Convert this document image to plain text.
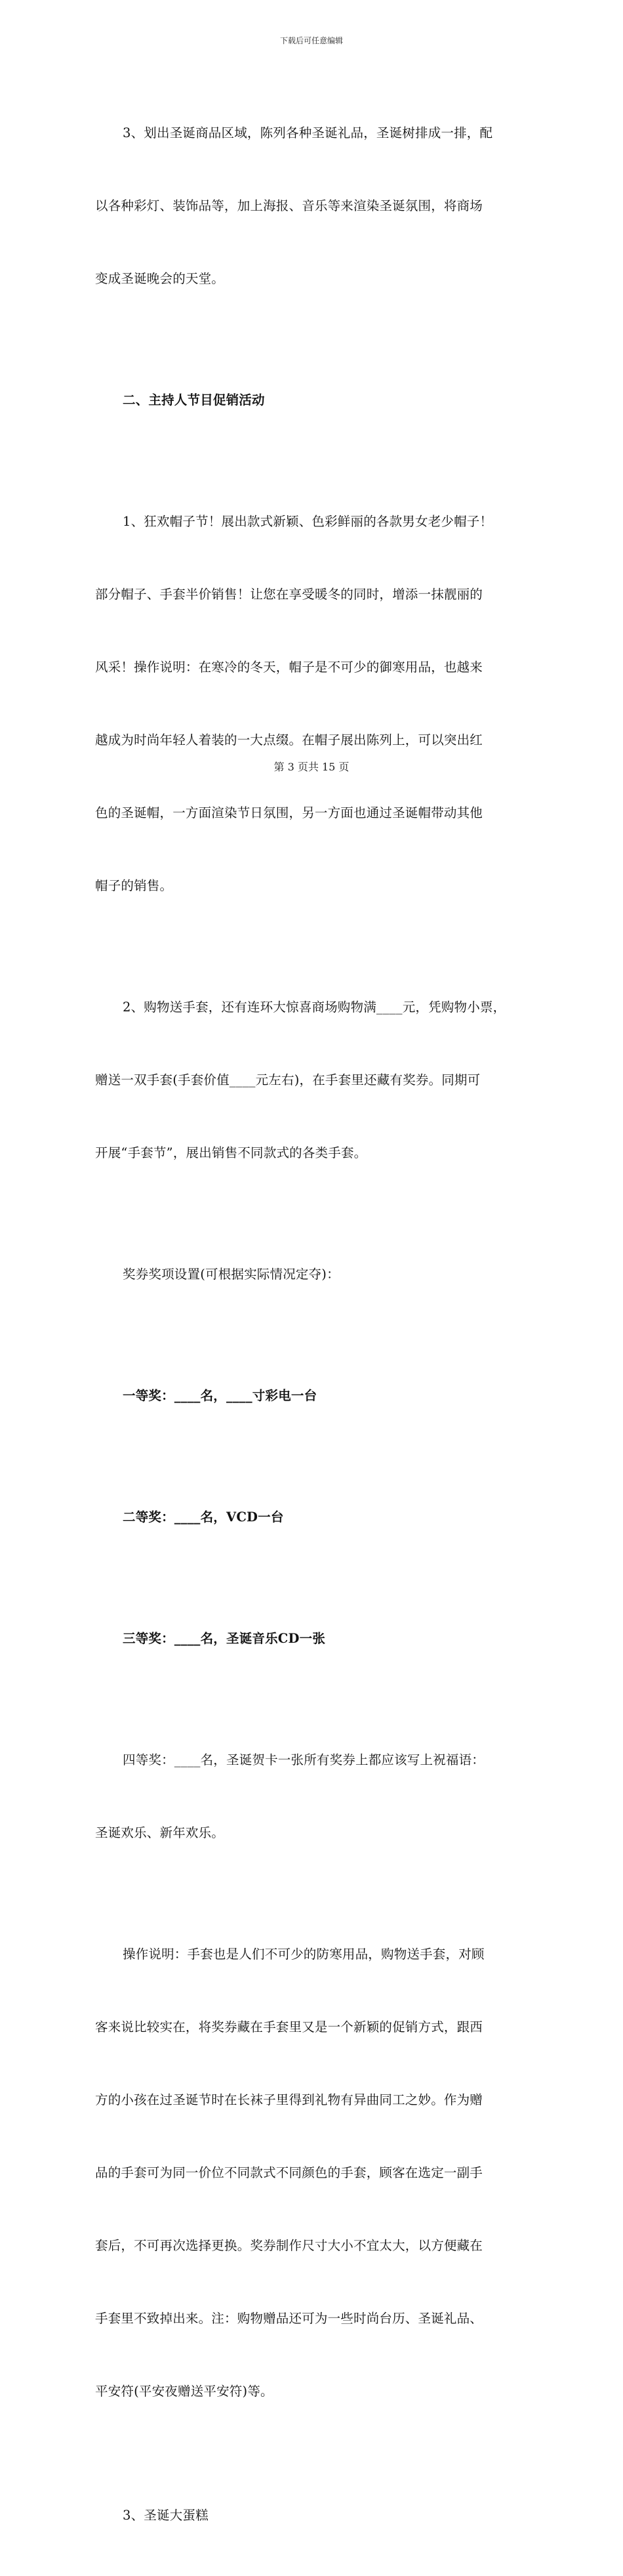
下载后可任意编辑

3、划出圣诞商品区域，陈列各种圣诞礼品，圣诞树排成一排，配

以各种彩灯、装饰品等，加上海报、音乐等来渲染圣诞氛围，将商场

变成圣诞晚会的天堂。

二、主持人节目促销活动

1、狂欢帽子节！展出款式新颖、色彩鲜丽的各款男女老少帽子！

部分帽子、手套半价销售！让您在享受暖冬的同时，增添一抹靓丽的

风采！操作说明：在寒冷的冬天，帽子是不可少的御寒用品，也越来

越成为时尚年轻人着装的一大点缀。在帽子展出陈列上，可以突出红

色的圣诞帽，一方面渲染节日氛围，另一方面也通过圣诞帽带动其他

帽子的销售。

2、购物送手套，还有连环大惊喜商场购物满____元，凭购物小票，

赠送一双手套(手套价值____元左右)，在手套里还藏有奖券。同期可

开展“手套节”，展出销售不同款式的各类手套。

奖券奖项设置(可根据实际情况定夺)：

一等奖：____名，____寸彩电一台

二等奖：____名，VCD一台

三等奖：____名，圣诞音乐CD一张

四等奖：____名，圣诞贺卡一张所有奖券上都应该写上祝福语：

圣诞欢乐、新年欢乐。

操作说明：手套也是人们不可少的防寒用品，购物送手套，对顾

客来说比较实在，将奖券藏在手套里又是一个新颖的促销方式，跟西

方的小孩在过圣诞节时在长袜子里得到礼物有异曲同工之妙。作为赠

品的手套可为同一价位不同款式不同颜色的手套，顾客在选定一副手

套后，不可再次选择更换。奖券制作尺寸大小不宜太大，以方便藏在

手套里不致掉出来。注：购物赠品还可为一些时尚台历、圣诞礼品、

平安符(平安夜赠送平安符)等。

3、圣诞大蛋糕

第 3 页共 15 页
